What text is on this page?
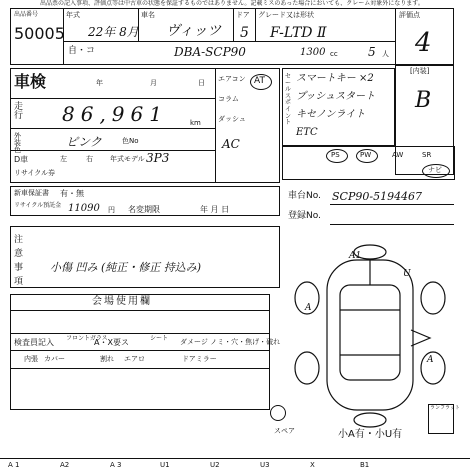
出品票の記入事項、評価点等は中古車の状態を保証するものではありません。記載ミスのあった場合においても、クレーム対象外になります。
出品番号
50005
年式
22年 8月
車名
ヴィッツ
ドア
5
グレード又は形状
F-LTD Ⅱ
評価点
4
自・コ	DBA-SCP90	1300 cc	5 人
[内装]
B
車検	年	月	日
走行 86,961	km
外装色
ピンク	色No
3P3
D車	左	右 年式モデル
リサイクル券
エアコン AT
コラム
ダッシュ
AC
セールスポイント
スマートキー ×2
プッシュスタート
キセノンライト
ETC
PS	PW	AW	SR
ナビ
新車保証書 有・無
リサイクル預託金 11090 円 名変期限	年 月 日
車台No. SCP90-5194467
登録No.
注
意
事
項
小傷 凹み (純正・修正 持込み)
会場使用欄
検査員記入 フロントガラス
A・X要ス	シート ダメージ ノミ・穴・焦げ・破れ
内張 カバー	割れ エアロ	ドアミラー
A1
U
A
A
スペア	小A有・小U有
ランフラット
A 1	A2	A 3	U1	U2	U3	X	B1
